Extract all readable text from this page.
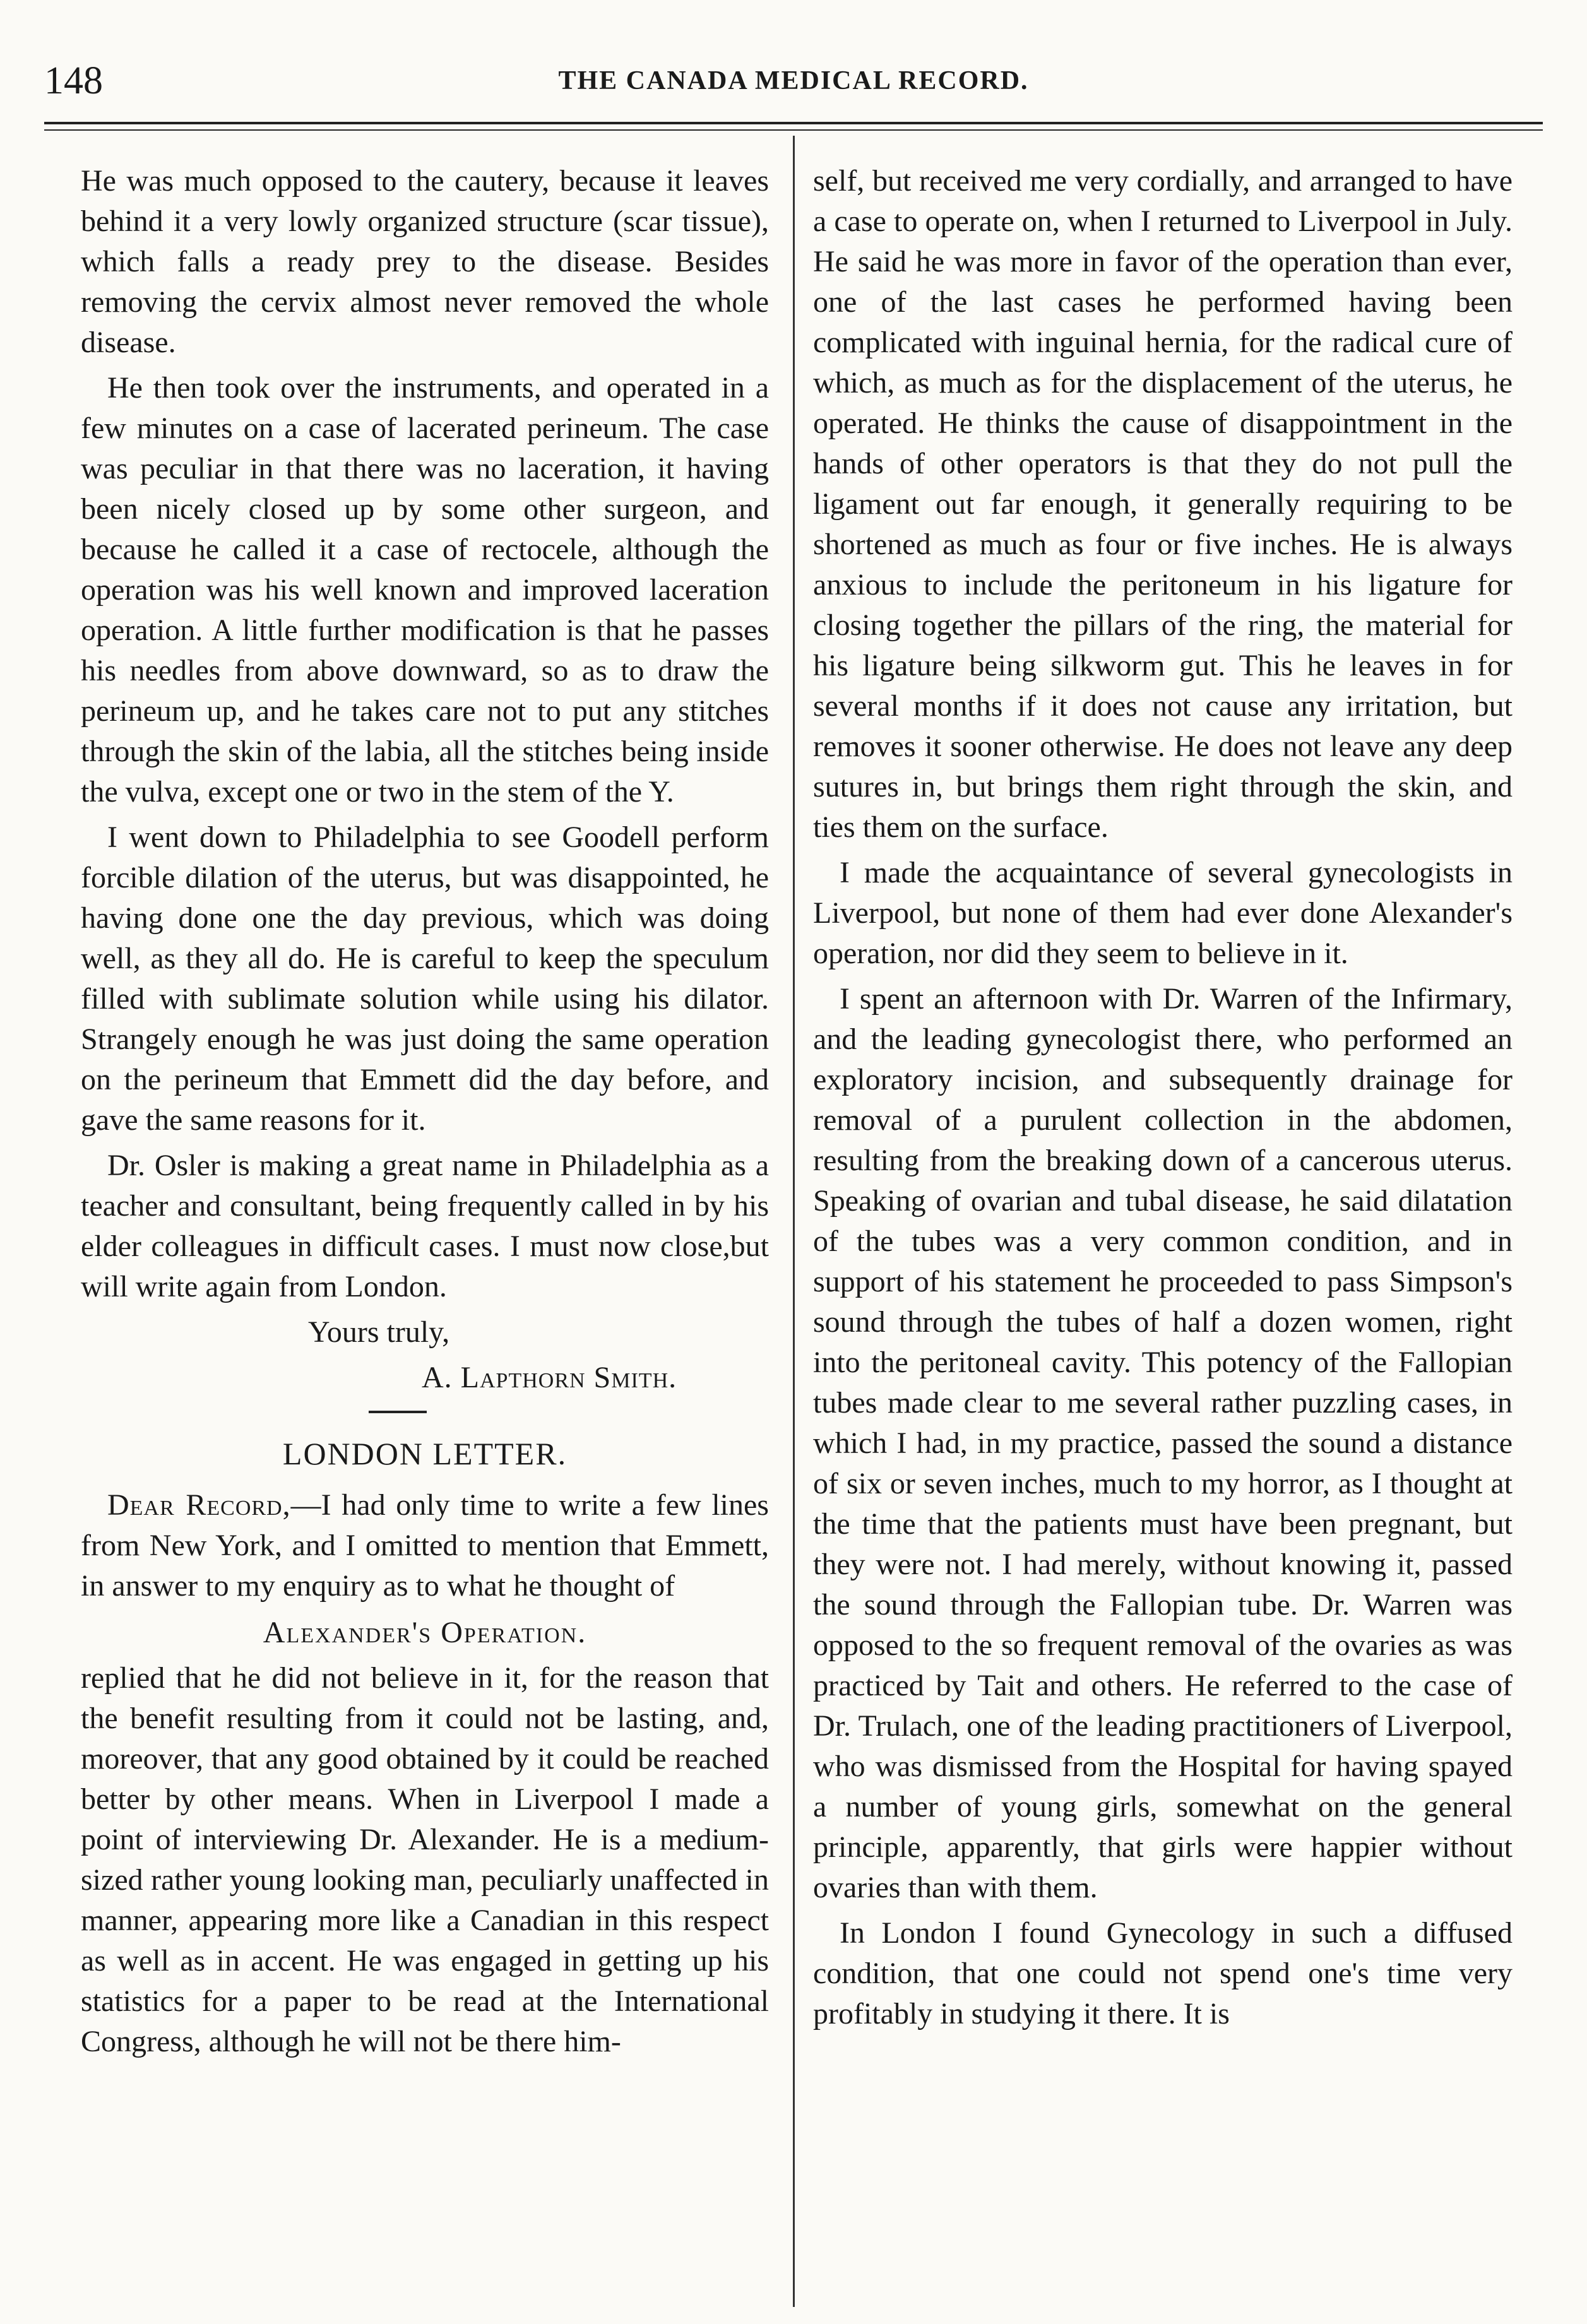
148	THE CANADA MEDICAL RECORD.

He was much opposed to the cautery, because it leaves behind it a very lowly organized structure (scar tissue), which falls a ready prey to the disease. Besides removing the cervix almost never removed the whole disease.

He then took over the instruments, and operated in a few minutes on a case of lacerated perineum. The case was peculiar in that there was no laceration, it having been nicely closed up by some other surgeon, and because he called it a case of rectocele, although the operation was his well known and improved laceration operation. A little further modification is that he passes his needles from above downward, so as to draw the perineum up, and he takes care not to put any stitches through the skin of the labia, all the stitches being inside the vulva, except one or two in the stem of the Y.

I went down to Philadelphia to see Goodell perform forcible dilation of the uterus, but was disappointed, he having done one the day previous, which was doing well, as they all do. He is careful to keep the speculum filled with sublimate solution while using his dilator. Strangely enough he was just doing the same operation on the perineum that Emmett did the day before, and gave the same reasons for it.

Dr. Osler is making a great name in Philadelphia as a teacher and consultant, being frequently called in by his elder colleagues in difficult cases. I must now close,but will write again from London.

Yours truly,

A. Lapthorn Smith.

LONDON LETTER.

Dear Record,—I had only time to write a few lines from New York, and I omitted to mention that Emmett, in answer to my enquiry as to what he thought of

Alexander's Operation.

replied that he did not believe in it, for the reason that the benefit resulting from it could not be lasting, and, moreover, that any good obtained by it could be reached better by other means. When in Liverpool I made a point of interviewing Dr. Alexander. He is a medium-sized rather young looking man, peculiarly unaffected in manner, appearing more like a Canadian in this respect as well as in accent. He was engaged in getting up his statistics for a paper to be read at the International Congress, although he will not be there him-

self, but received me very cordially, and arranged to have a case to operate on, when I returned to Liverpool in July. He said he was more in favor of the operation than ever, one of the last cases he performed having been complicated with inguinal hernia, for the radical cure of which, as much as for the displacement of the uterus, he operated. He thinks the cause of disappointment in the hands of other operators is that they do not pull the ligament out far enough, it generally requiring to be shortened as much as four or five inches. He is always anxious to include the peritoneum in his ligature for closing together the pillars of the ring, the material for his ligature being silkworm gut. This he leaves in for several months if it does not cause any irritation, but removes it sooner otherwise. He does not leave any deep sutures in, but brings them right through the skin, and ties them on the surface.

I made the acquaintance of several gynecologists in Liverpool, but none of them had ever done Alexander's operation, nor did they seem to believe in it.

I spent an afternoon with Dr. Warren of the Infirmary, and the leading gynecologist there, who performed an exploratory incision, and subsequently drainage for removal of a purulent collection in the abdomen, resulting from the breaking down of a cancerous uterus. Speaking of ovarian and tubal disease, he said dilatation of the tubes was a very common condition, and in support of his statement he proceeded to pass Simpson's sound through the tubes of half a dozen women, right into the peritoneal cavity. This potency of the Fallopian tubes made clear to me several rather puzzling cases, in which I had, in my practice, passed the sound a distance of six or seven inches, much to my horror, as I thought at the time that the patients must have been pregnant, but they were not. I had merely, without knowing it, passed the sound through the Fallopian tube. Dr. Warren was opposed to the so frequent removal of the ovaries as was practiced by Tait and others. He referred to the case of Dr. Trulach, one of the leading practitioners of Liverpool, who was dismissed from the Hospital for having spayed a number of young girls, somewhat on the general principle, apparently, that girls were happier without ovaries than with them.

In London I found Gynecology in such a diffused condition, that one could not spend one's time very profitably in studying it there. It is
